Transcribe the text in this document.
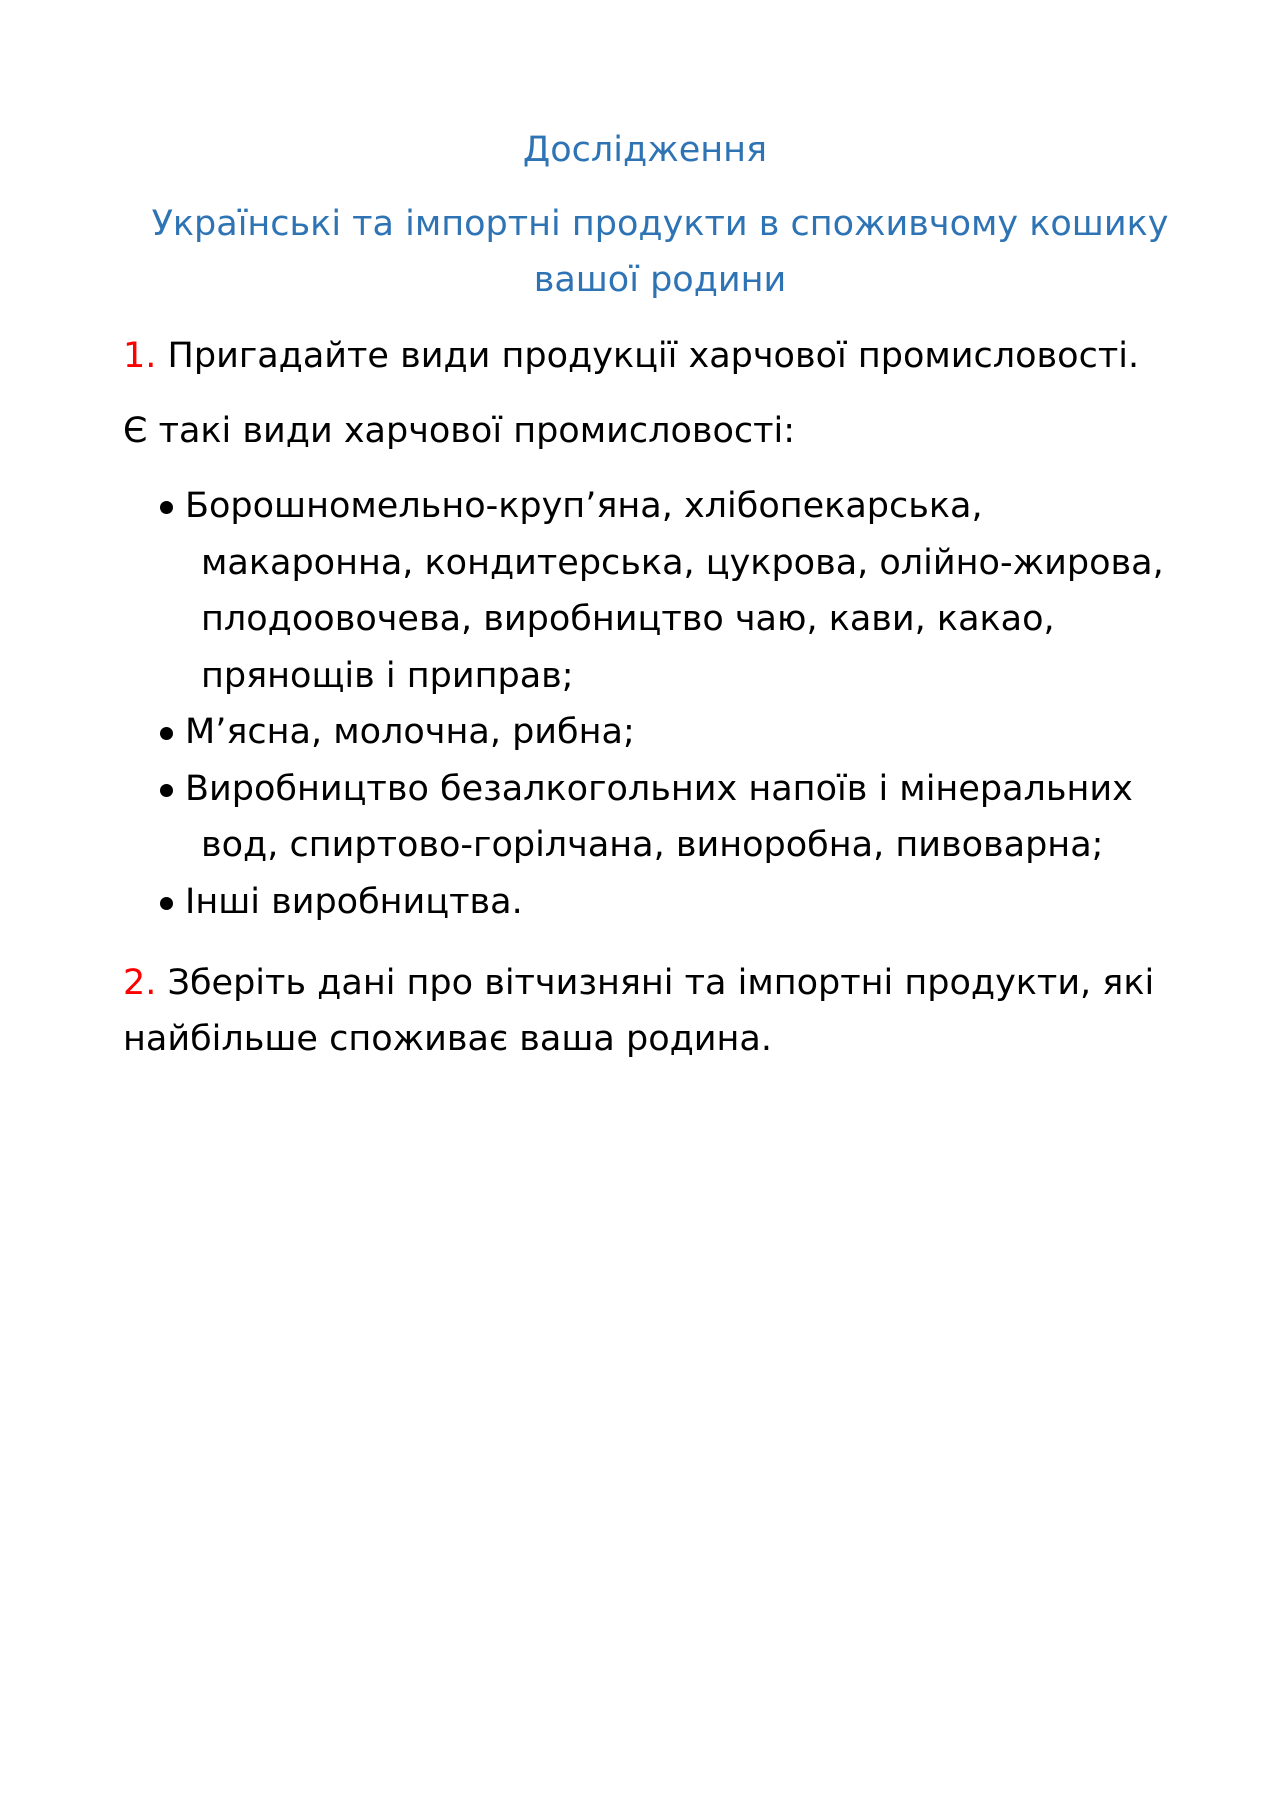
Дослідження
Українські та імпортні продукти в споживчому кошику
вашої родини
1. Пригадайте види продукції харчової промисловості.
Є такі види харчової промисловості:
Борошномельно-круп’яна, хлібопекарська,
макаронна, кондитерська, цукрова, олійно-жирова,
плодоовочева, виробництво чаю, кави, какао,
прянощів і приправ;
М’ясна, молочна, рибна;
Виробництво безалкогольних напоїв і мінеральних
вод, спиртово-горілчана, виноробна, пивоварна;
Інші виробництва.
2. Зберіть дані про вітчизняні та імпортні продукти, які
найбільше споживає ваша родина.
